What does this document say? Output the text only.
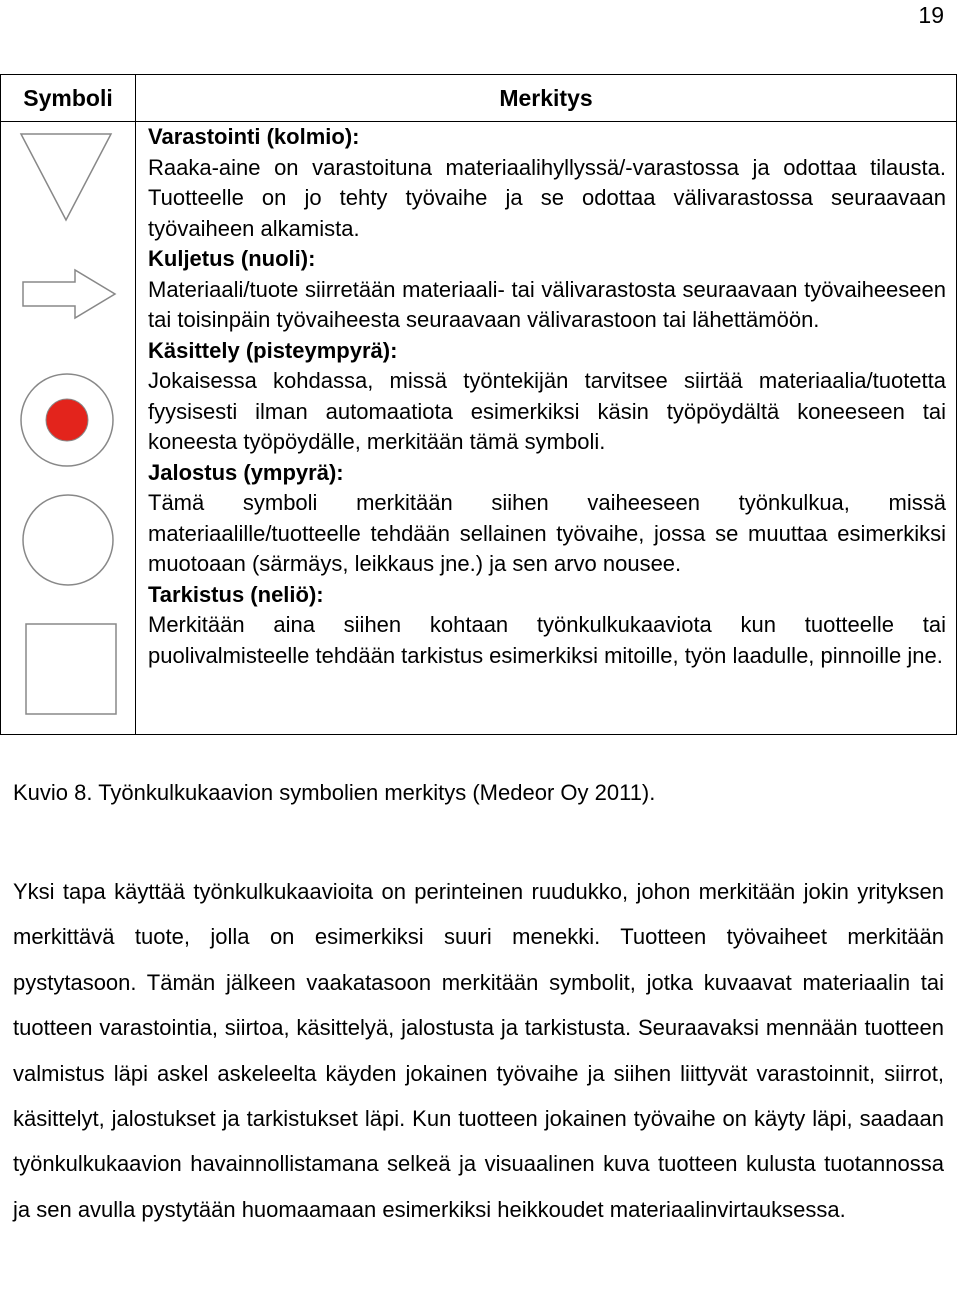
19
Symboli	Merkitys
Varastointi (kolmio):
Raaka-aine on varastoituna materiaalihyllyssä/-varastossa ja odottaa tilausta. Tuotteelle on jo tehty työvaihe ja se odottaa välivarastossa seuraavaan työvaiheen alkamista.
Kuljetus (nuoli):
Materiaali/tuote siirretään materiaali- tai välivarastosta seuraavaan työvaiheeseen tai toisinpäin työvaiheesta seuraavaan välivarastoon tai lähettämöön.
Käsittely (pisteympyrä):
Jokaisessa kohdassa, missä työntekijän tarvitsee siirtää materiaalia/tuotetta fyysisesti ilman automaatiota esimerkiksi käsin työpöydältä koneeseen tai koneesta työpöydälle, merkitään tämä symboli.
Jalostus (ympyrä):
Tämä symboli merkitään siihen vaiheeseen työnkulkua, missä materiaalille/tuotteelle tehdään sellainen työvaihe, jossa se muuttaa esimerkiksi muotoaan (särmäys, leikkaus jne.) ja sen arvo nousee.
Tarkistus (neliö):
Merkitään aina siihen kohtaan työnkulkukaaviota kun tuotteelle tai puolivalmisteelle tehdään tarkistus esimerkiksi mitoille, työn laadulle, pinnoille jne.
Kuvio 8. Työnkulkukaavion symbolien merkitys (Medeor Oy 2011).

Yksi tapa käyttää työnkulkukaavioita on perinteinen ruudukko, johon merkitään jokin yrityksen merkittävä tuote, jolla on esimerkiksi suuri menekki. Tuotteen työvaiheet merkitään pystytasoon. Tämän jälkeen vaakatasoon merkitään symbolit, jotka kuvaavat materiaalin tai tuotteen varastointia, siirtoa, käsittelyä, jalostusta ja tarkistusta. Seuraavaksi mennään tuotteen valmistus läpi askel askeleelta käyden jokainen työvaihe ja siihen liittyvät varastoinnit, siirrot, käsittelyt, jalostukset ja tarkistukset läpi. Kun tuotteen jokainen työvaihe on käyty läpi, saadaan työnkulkukaavion havainnollistamana selkeä ja visuaalinen kuva tuotteen kulusta tuotannossa ja sen avulla pystytään huomaamaan esimerkiksi heikkoudet materiaalinvirtauksessa.
